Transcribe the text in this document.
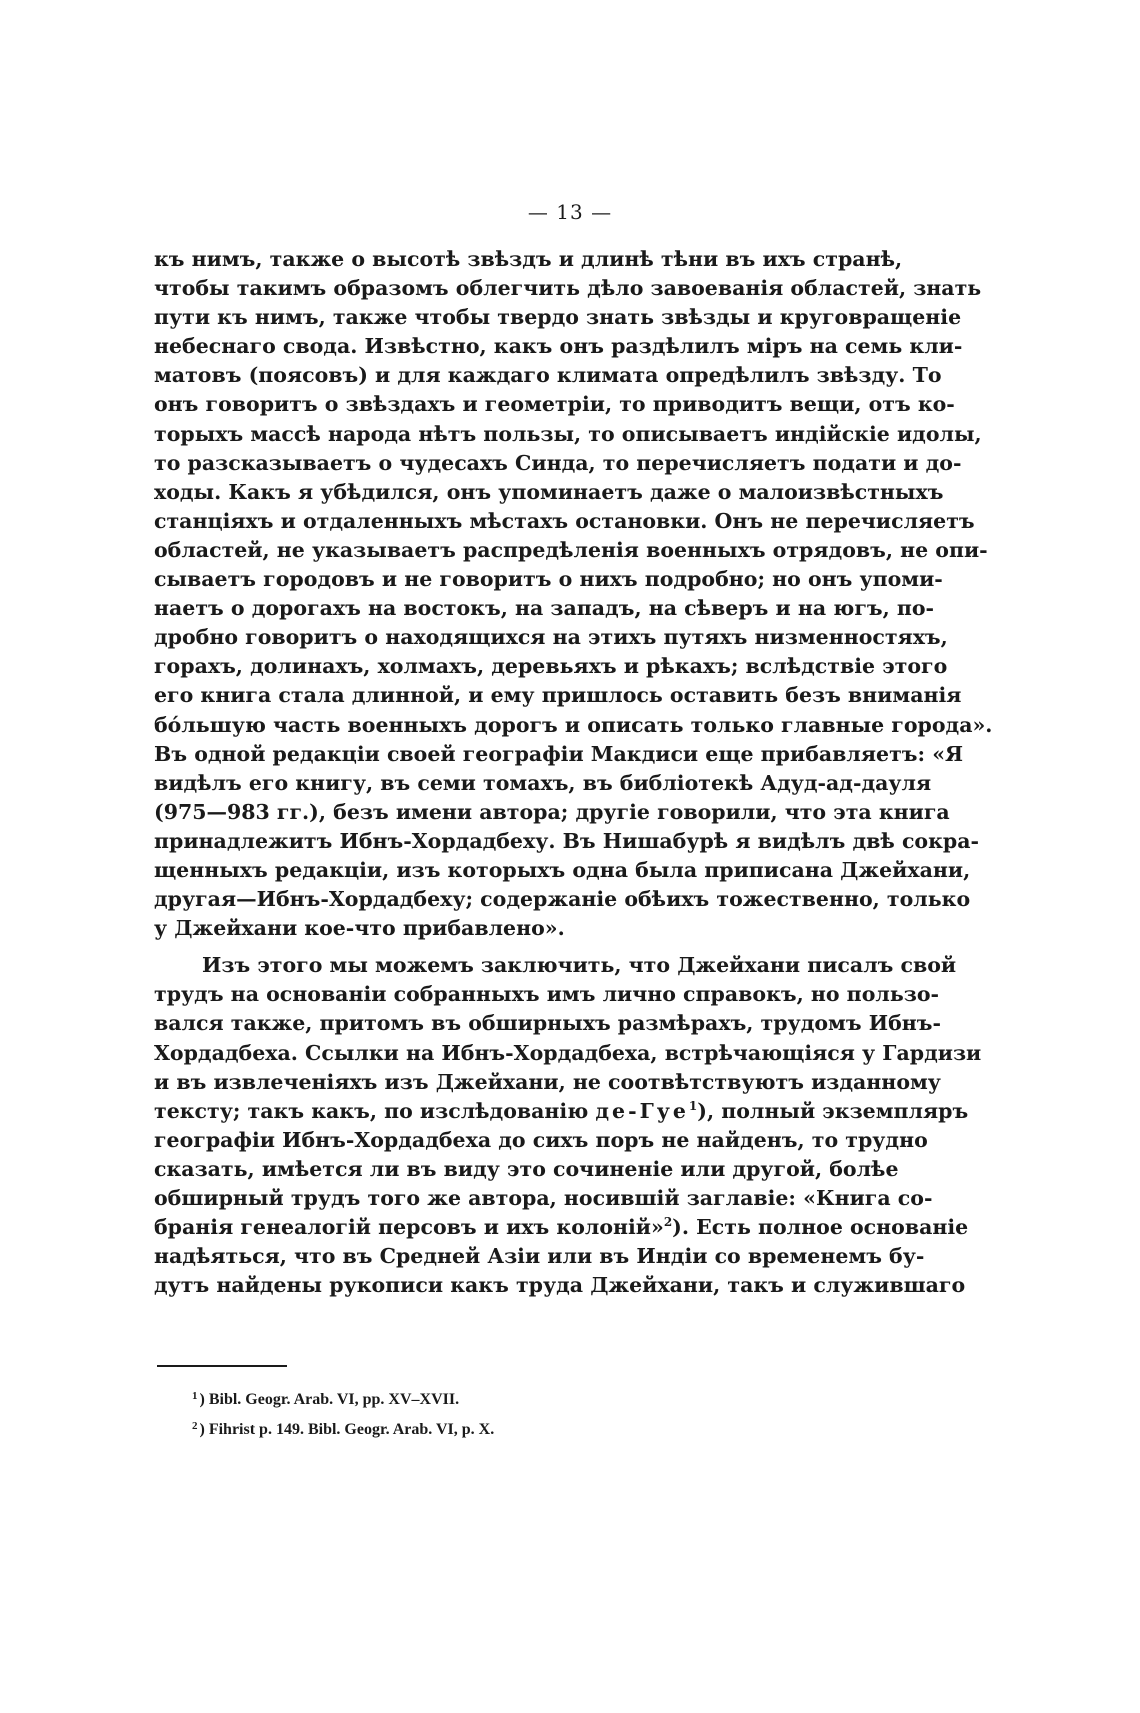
— 13 —
къ нимъ, также о высотѣ звѣздъ и длинѣ тѣни въ ихъ странѣ,
чтобы такимъ образомъ облегчить дѣло завоеванія областей, знать
пути къ нимъ, также чтобы твердо знать звѣзды и круговращеніе
небеснаго свода. Извѣстно, какъ онъ раздѣлилъ міръ на семь кли-
матовъ (поясовъ) и для каждаго климата опредѣлилъ звѣзду. То
онъ говоритъ о звѣздахъ и геометріи, то приводитъ вещи, отъ ко-
торыхъ массѣ народа нѣтъ пользы, то описываетъ индійскіе идолы,
то разсказываетъ о чудесахъ Синда, то перечисляетъ подати и до-
ходы. Какъ я убѣдился, онъ упоминаетъ даже о малоизвѣстныхъ
станціяхъ и отдаленныхъ мѣстахъ остановки. Онъ не перечисляетъ
областей, не указываетъ распредѣленія военныхъ отрядовъ, не опи-
сываетъ городовъ и не говоритъ о нихъ подробно; но онъ упоми-
наетъ о дорогахъ на востокъ, на западъ, на сѣверъ и на югъ, по-
дробно говоритъ о находящихся на этихъ путяхъ низменностяхъ,
горахъ, долинахъ, холмахъ, деревьяхъ и рѣкахъ; вслѣдствіе этого
его книга стала длинной, и ему пришлось оставить безъ вниманія
бо́льшую часть военныхъ дорогъ и описать только главные города».
Въ одной редакціи своей географіи Макдиси еще прибавляетъ: «Я
видѣлъ его книгу, въ семи томахъ, въ библіотекѣ Адуд-ад-дауля
(975—983 гг.), безъ имени автора; другіе говорили, что эта книга
принадлежитъ Ибнъ-Хордадбеху. Въ Нишабурѣ я видѣлъ двѣ сокра-
щенныхъ редакціи, изъ которыхъ одна была приписана Джейхани,
другая—Ибнъ-Хордадбеху; содержаніе обѣихъ тожественно, только
у Джейхани кое-что прибавлено».
Изъ этого мы можемъ заключить, что Джейхани писалъ свой
трудъ на основаніи собранныхъ имъ лично справокъ, но пользо-
вался также, притомъ въ обширныхъ размѣрахъ, трудомъ Ибнъ-
Хордадбеха. Ссылки на Ибнъ-Хордадбеха, встрѣчающіяся у Гардизи
и въ извлеченіяхъ изъ Джейхани, не соотвѣтствуютъ изданному
тексту; такъ какъ, по изслѣдованію де-Гуе$^1$), полный экземпляръ
географіи Ибнъ-Хордадбеха до сихъ поръ не найденъ, то трудно
сказать, имѣется ли въ виду это сочиненіе или другой, болѣе
обширный трудъ того же автора, носившій заглавіе: «Книга со-
бранія генеалогій персовъ и ихъ колоній»$^2$). Есть полное основаніе
надѣяться, что въ Средней Азіи или въ Индіи со временемъ бу-
дутъ найдены рукописи какъ труда Джейхани, такъ и служившаго
$^1$ ) Bibl. Geogr. Arab. VI, pp. XV–XVII.
$^2$ ) Fihrist p. 149. Bibl. Geogr. Arab. VI, p. X.
